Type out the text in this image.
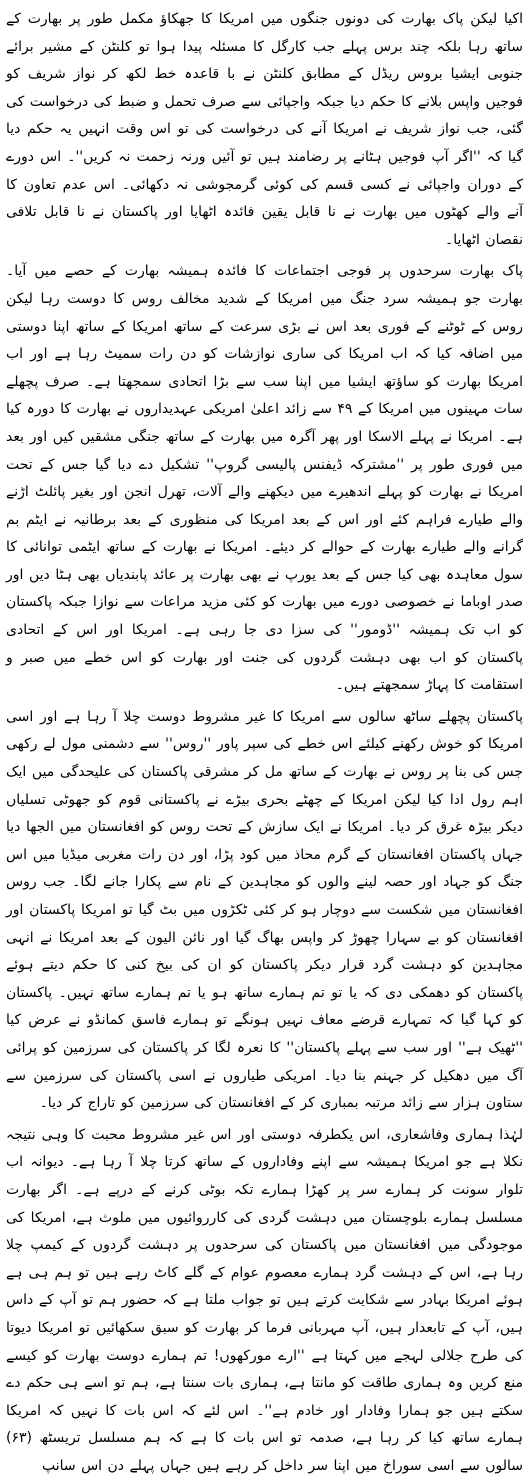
اکیا لیکن پاک بھارت کی دونوں جنگوں میں امریکا کا جھکاؤ مکمل طور پر بھارت کے ساتھ رہا بلکہ چند برس پہلے جب کارگل کا مسئلہ پیدا ہوا تو کلنٹن کے مشیر برائے جنوبی ایشیا بروس ریڈل کے مطابق کلنٹن نے با قاعدہ خط لکھ کر نواز شریف کو فوجیں واپس بلانے کا حکم دیا جبکہ واجپائی سے صرف تحمل و ضبط کی درخواست کی گئی، جب نواز شریف نے امریکا آنے کی درخواست کی تو اس وقت انہیں یہ حکم دیا گیا کہ ''اگر آپ فوجیں ہٹانے پر رضامند ہیں تو آئیں ورنہ زحمت نہ کریں''۔ اس دورے کے دوران واجپائی نے کسی قسم کی کوئی گرمجوشی نہ دکھائی۔ اس عدم تعاون کا آنے والے کھٹوں میں بھارت نے نا قابل یقین فائدہ اٹھایا اور پاکستان نے نا قابل تلافی نقصان اٹھایا۔

پاک بھارت سرحدوں پر فوجی اجتماعات کا فائدہ ہمیشہ بھارت کے حصے میں آیا۔ بھارت جو ہمیشہ سرد جنگ میں امریکا کے شدید مخالف روس کا دوست رہا لیکن روس کے ٹوٹنے کے فوری بعد اس نے بڑی سرعت کے ساتھ امریکا کے ساتھ اپنا دوستی میں اضافہ کیا کہ اب امریکا کی ساری نوازشات کو دن رات سمیٹ رہا ہے اور اب امریکا بھارت کو ساؤتھ ایشیا میں اپنا سب سے بڑا اتحادی سمجھتا ہے۔ صرف پچھلے سات مہینوں میں امریکا کے ۴۹ سے زائد اعلیٰ امریکی عہدیداروں نے بھارت کا دورہ کیا ہے۔ امریکا نے پہلے الاسکا اور پھر آگرہ میں بھارت کے ساتھ جنگی مشقیں کیں اور بعد میں فوری طور پر ''مشترکہ ڈیفنس پالیسی گروپ'' تشکیل دے دیا گیا جس کے تحت امریکا نے بھارت کو پہلے اندھیرے میں دیکھنے والے آلات، تھرل انجن اور بغیر پائلٹ اڑنے والے طیارے فراہم کئے اور اس کے بعد امریکا کی منظوری کے بعد برطانیہ نے ایٹم بم گرانے والے طیارے بھارت کے حوالے کر دیئے۔ امریکا نے بھارت کے ساتھ ایٹمی توانائی کا سول معاہدہ بھی کیا جس کے بعد یورپ نے بھی بھارت پر عائد پابندیاں بھی ہٹا دیں اور صدر اوباما نے خصوصی دورے میں بھارت کو کئی مزید مراعات سے نوازا جبکہ پاکستان کو اب تک ہمیشہ ''ڈومور'' کی سزا دی جا رہی ہے۔ امریکا اور اس کے اتحادی پاکستان کو اب بھی دہشت گردوں کی جنت اور بھارت کو اس خطے میں صبر و استقامت کا پہاڑ سمجھتے ہیں۔

پاکستان پچھلے ساٹھ سالوں سے امریکا کا غیر مشروط دوست چلا آ رہا ہے اور اسی امریکا کو خوش رکھنے کیلئے اس خطے کی سپر پاور ''روس'' سے دشمنی مول لے رکھی جس کی بنا پر روس نے بھارت کے ساتھ مل کر مشرقی پاکستان کی علیحدگی میں ایک اہم رول ادا کیا لیکن امریکا کے چھٹے بحری بیڑے نے پاکستانی قوم کو جھوٹی تسلیاں دیکر بیڑہ غرق کر دیا۔ امریکا نے ایک سازش کے تحت روس کو افغانستان میں الجھا دیا جہاں پاکستان افغانستان کے گرم محاذ میں کود پڑا، اور دن رات مغربی میڈیا میں اس جنگ کو جہاد اور حصہ لینے والوں کو مجاہدین کے نام سے پکارا جانے لگا۔ جب روس افغانستان میں شکست سے دوچار ہو کر کئی ٹکڑوں میں بٹ گیا تو امریکا پاکستان اور افغانستان کو بے سہارا چھوڑ کر واپس بھاگ گیا اور نائن الیون کے بعد امریکا نے انہی مجاہدین کو دہشت گرد قرار دیکر پاکستان کو ان کی بیخ کنی کا حکم دیتے ہوئے پاکستان کو دھمکی دی کہ یا تو تم ہمارے ساتھ ہو یا تم ہمارے ساتھ نہیں۔ پاکستان کو کہا گیا کہ تمہارے قرضے معاف نہیں ہونگے تو ہمارے فاسق کمانڈو نے عرض کیا ''ٹھیک ہے'' اور سب سے پہلے پاکستان'' کا نعرہ لگا کر پاکستان کی سرزمین کو پرائی آگ میں دھکیل کر جہنم بنا دیا۔ امریکی طیاروں نے اسی پاکستان کی سرزمین سے ستاون ہزار سے زائد مرتبہ بمباری کر کے افغانستان کی سرزمین کو تاراج کر دیا۔

لہٰذا ہماری وفاشعاری، اس یکطرفہ دوستی اور اس غیر مشروط محبت کا وہی نتیجہ نکلا ہے جو امریکا ہمیشہ سے اپنے وفاداروں کے ساتھ کرتا چلا آ رہا ہے۔ دیوانہ اب تلوار سونت کر ہمارے سر پر کھڑا ہمارے تکہ بوٹی کرنے کے درپے ہے۔ اگر بھارت مسلسل ہمارے بلوچستان میں دہشت گردی کی کارروائیوں میں ملوث ہے، امریکا کی موجودگی میں افغانستان میں پاکستان کی سرحدوں پر دہشت گردوں کے کیمپ چلا رہا ہے، اس کے دہشت گرد ہمارے معصوم عوام کے گلے کاٹ رہے ہیں تو ہم ہی ہے ہوئے امریکا بہادر سے شکایت کرتے ہیں تو جواب ملتا ہے کہ حضور ہم تو آپ کے داس ہیں، آپ کے تابعدار ہیں، آپ مہربانی فرما کر بھارت کو سبق سکھائیں تو امریکا دیوتا کی طرح جلالی لہجے میں کہتا ہے ''ارے مورکھوں! تم ہمارے دوست بھارت کو کیسے منع کریں وہ ہماری طاقت کو مانتا ہے، ہماری بات سنتا ہے، ہم تو اسے ہی حکم دے سکتے ہیں جو ہمارا وفادار اور خادم ہے''۔ اس لئے کہ اس بات کا نہیں کہ امریکا ہمارے ساتھ کیا کر رہا ہے، صدمہ تو اس بات کا ہے کہ ہم مسلسل تریسٹھ (۶۳) سالوں سے اسی سوراخ میں اپنا سر داخل کر رہے ہیں جہاں پہلے دن اس سانپ
